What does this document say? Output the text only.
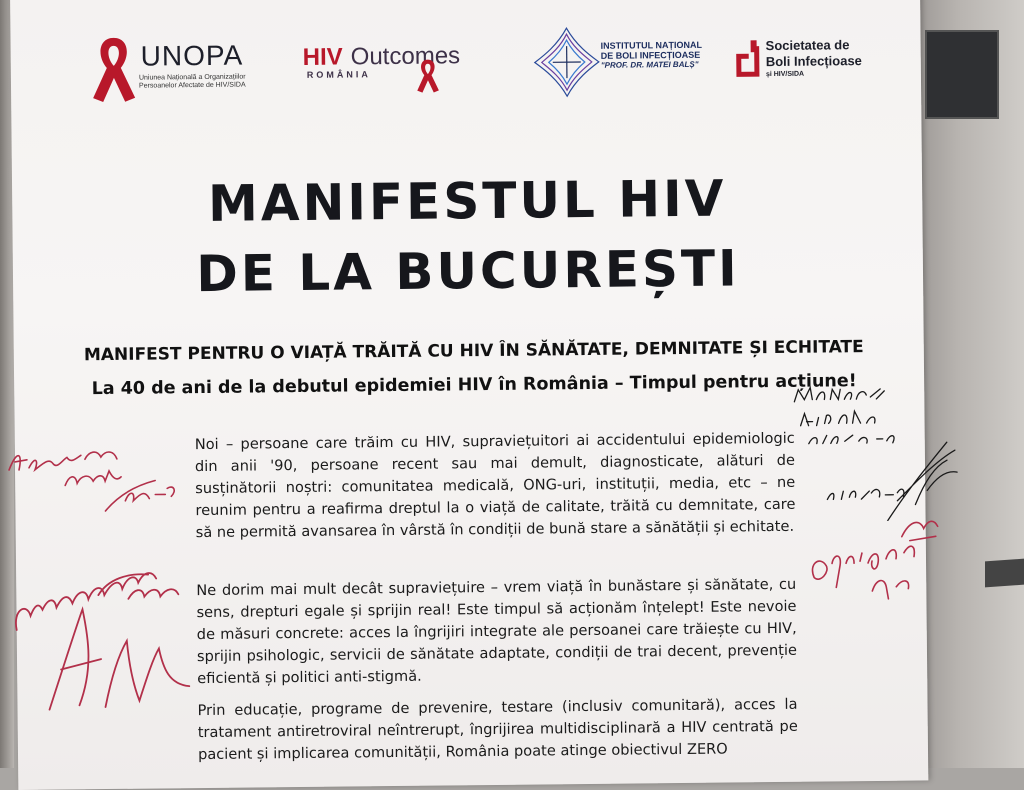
UNOPA
Uniunea Națională a Organizațiilor Persoanelor Afectate de HIV/SIDA
HIV Outcomes
ROMÂNIA
INSTITUTUL NAȚIONAL
DE BOLI INFECȚIOASE
"PROF. DR. MATEI BALȘ"
Societatea de
Boli Infecțioase
și HIV/SIDA
MANIFESTUL HIV
DE LA BUCUREȘTI
MANIFEST PENTRU O VIAȚĂ TRĂITĂ CU HIV ÎN SĂNĂTATE, DEMNITATE ȘI ECHITATE
La 40 de ani de la debutul epidemiei HIV în România – Timpul pentru acțiune!
Noi – persoane care trăim cu HIV, supraviețuitori ai accidentului epidemiologic din anii '90, persoane recent sau mai demult, diagnosticate, alături de susținătorii noștri: comunitatea medicală, ONG-uri, instituții, media, etc – ne reunim pentru a reafirma dreptul la o viață de calitate, trăită cu demnitate, care să ne permită avansarea în vârstă în condiții de bună stare a sănătății și echitate.
Ne dorim mai mult decât supraviețuire – vrem viață în bunăstare și sănătate, cu sens, drepturi egale și sprijin real! Este timpul să acționăm înțelept! Este nevoie de măsuri concrete: acces la îngrijiri integrate ale persoanei care trăiește cu HIV, sprijin psihologic, servicii de sănătate adaptate, condiții de trai decent, prevenție eficientă și politici anti-stigmă.
Prin educație, programe de prevenire, testare (inclusiv comunitară), acces la tratament antiretroviral neîntrerupt, îngrijirea multidisciplinară a HIV centrată pe pacient și implicarea comunității, România poate atinge obiectivul ZERO
